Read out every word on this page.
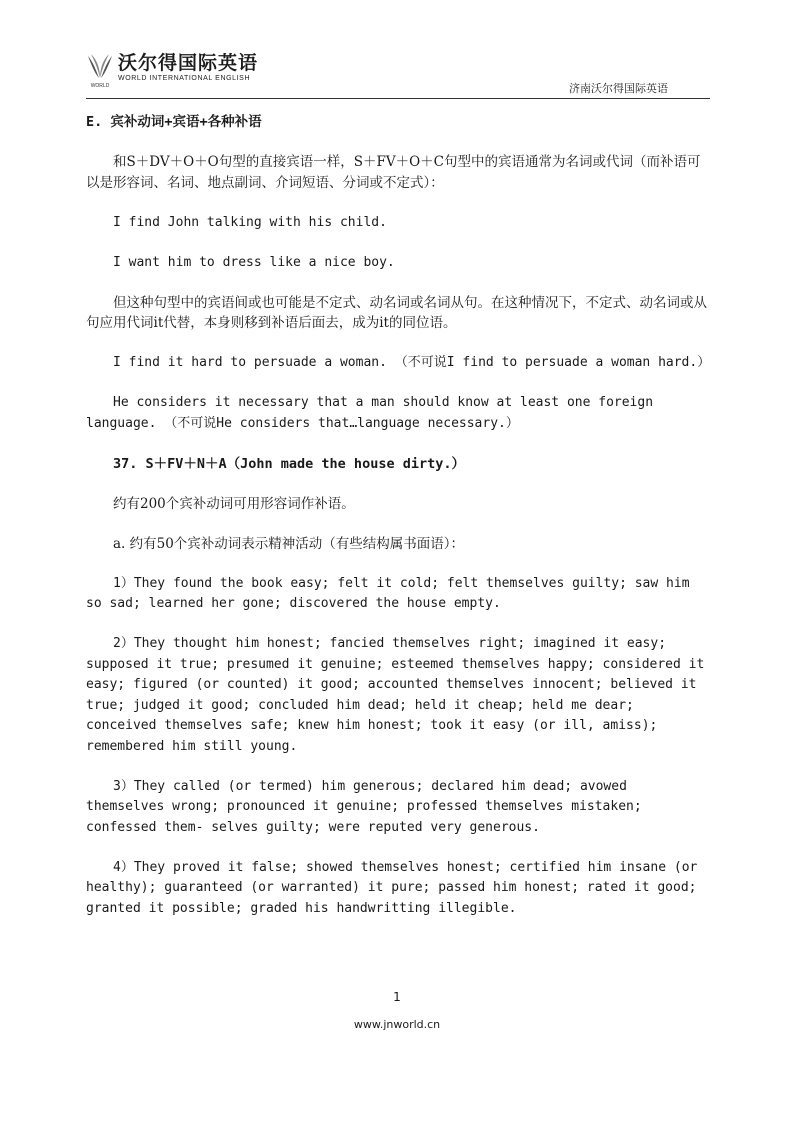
WORLD
沃尔得国际英语
WORLD INTERNATIONAL ENGLISH
济南沃尔得国际英语

E. 宾补动词+宾语+各种补语

和S＋DV＋O＋O句型的直接宾语一样，S＋FV＋O＋C句型中的宾语通常为名词或代词（而补语可以是形容词、名词、地点副词、介词短语、分词或不定式）：

I find John talking with his child.

I want him to dress like a nice boy.

但这种句型中的宾语间或也可能是不定式、动名词或名词从句。在这种情况下，不定式、动名词或从句应用代词it代替，本身则移到补语后面去，成为it的同位语。

I find it hard to persuade a woman. （不可说I find to persuade a woman hard.）

He considers it necessary that a man should know at least one foreign language. （不可说He considers that…language necessary.）

37. S＋FV＋N＋A（John made the house dirty.）

约有200个宾补动词可用形容词作补语。

a. 约有50个宾补动词表示精神活动（有些结构属书面语）：

1）They found the book easy; felt it cold; felt themselves guilty; saw him so sad; learned her gone; discovered the house empty.

2）They thought him honest; fancied themselves right; imagined it easy; supposed it true; presumed it genuine; esteemed themselves happy; considered it easy; figured (or counted) it good; accounted themselves innocent; believed it true; judged it good; concluded him dead; held it cheap; held me dear; conceived themselves safe; knew him honest; took it easy (or ill, amiss); remembered him still young.

3）They called (or termed) him generous; declared him dead; avowed themselves wrong; pronounced it genuine; professed themselves mistaken; confessed them- selves guilty; were reputed very generous.

4）They proved it false; showed themselves honest; certified him insane (or healthy); guaranteed (or warranted) it pure; passed him honest; rated it good; granted it possible; graded his handwritting illegible.

1
www.jnworld.cn
